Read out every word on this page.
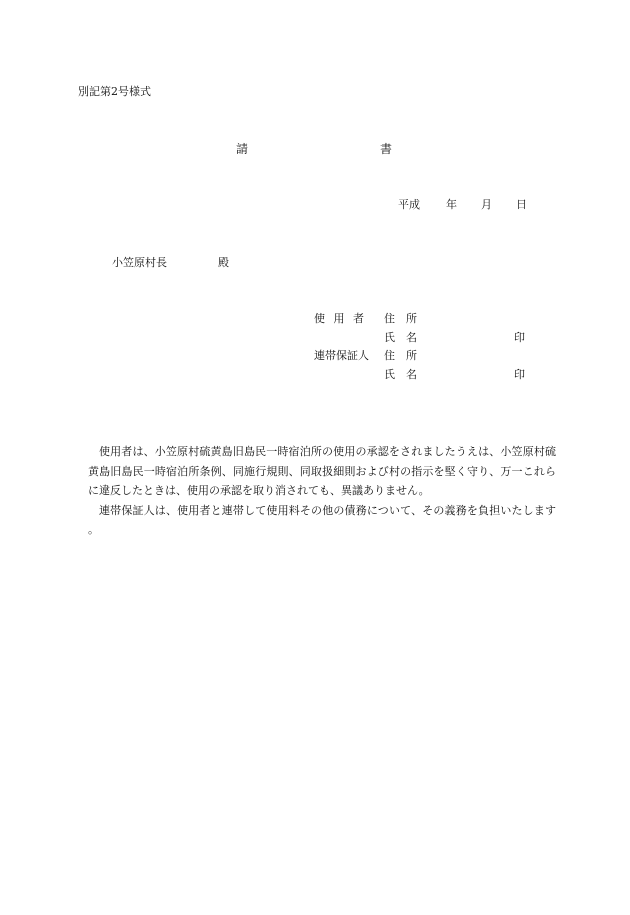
別記第2号様式
請	書
平成 年 月 日
小笠原村長	殿
使用者 住所
氏名	印
連帯保証人 住所
氏名	印

使用者は、小笠原村硫黄島旧島民一時宿泊所の使用の承認をされましたうえは、小笠原村硫黄島旧島民一時宿泊所条例、同施行規則、同取扱細則および村の指示を堅く守り、万一これらに違反したときは、使用の承認を取り消されても、異議ありません。

連帯保証人は、使用者と連帯して使用料その他の債務について、その義務を負担いたします。
